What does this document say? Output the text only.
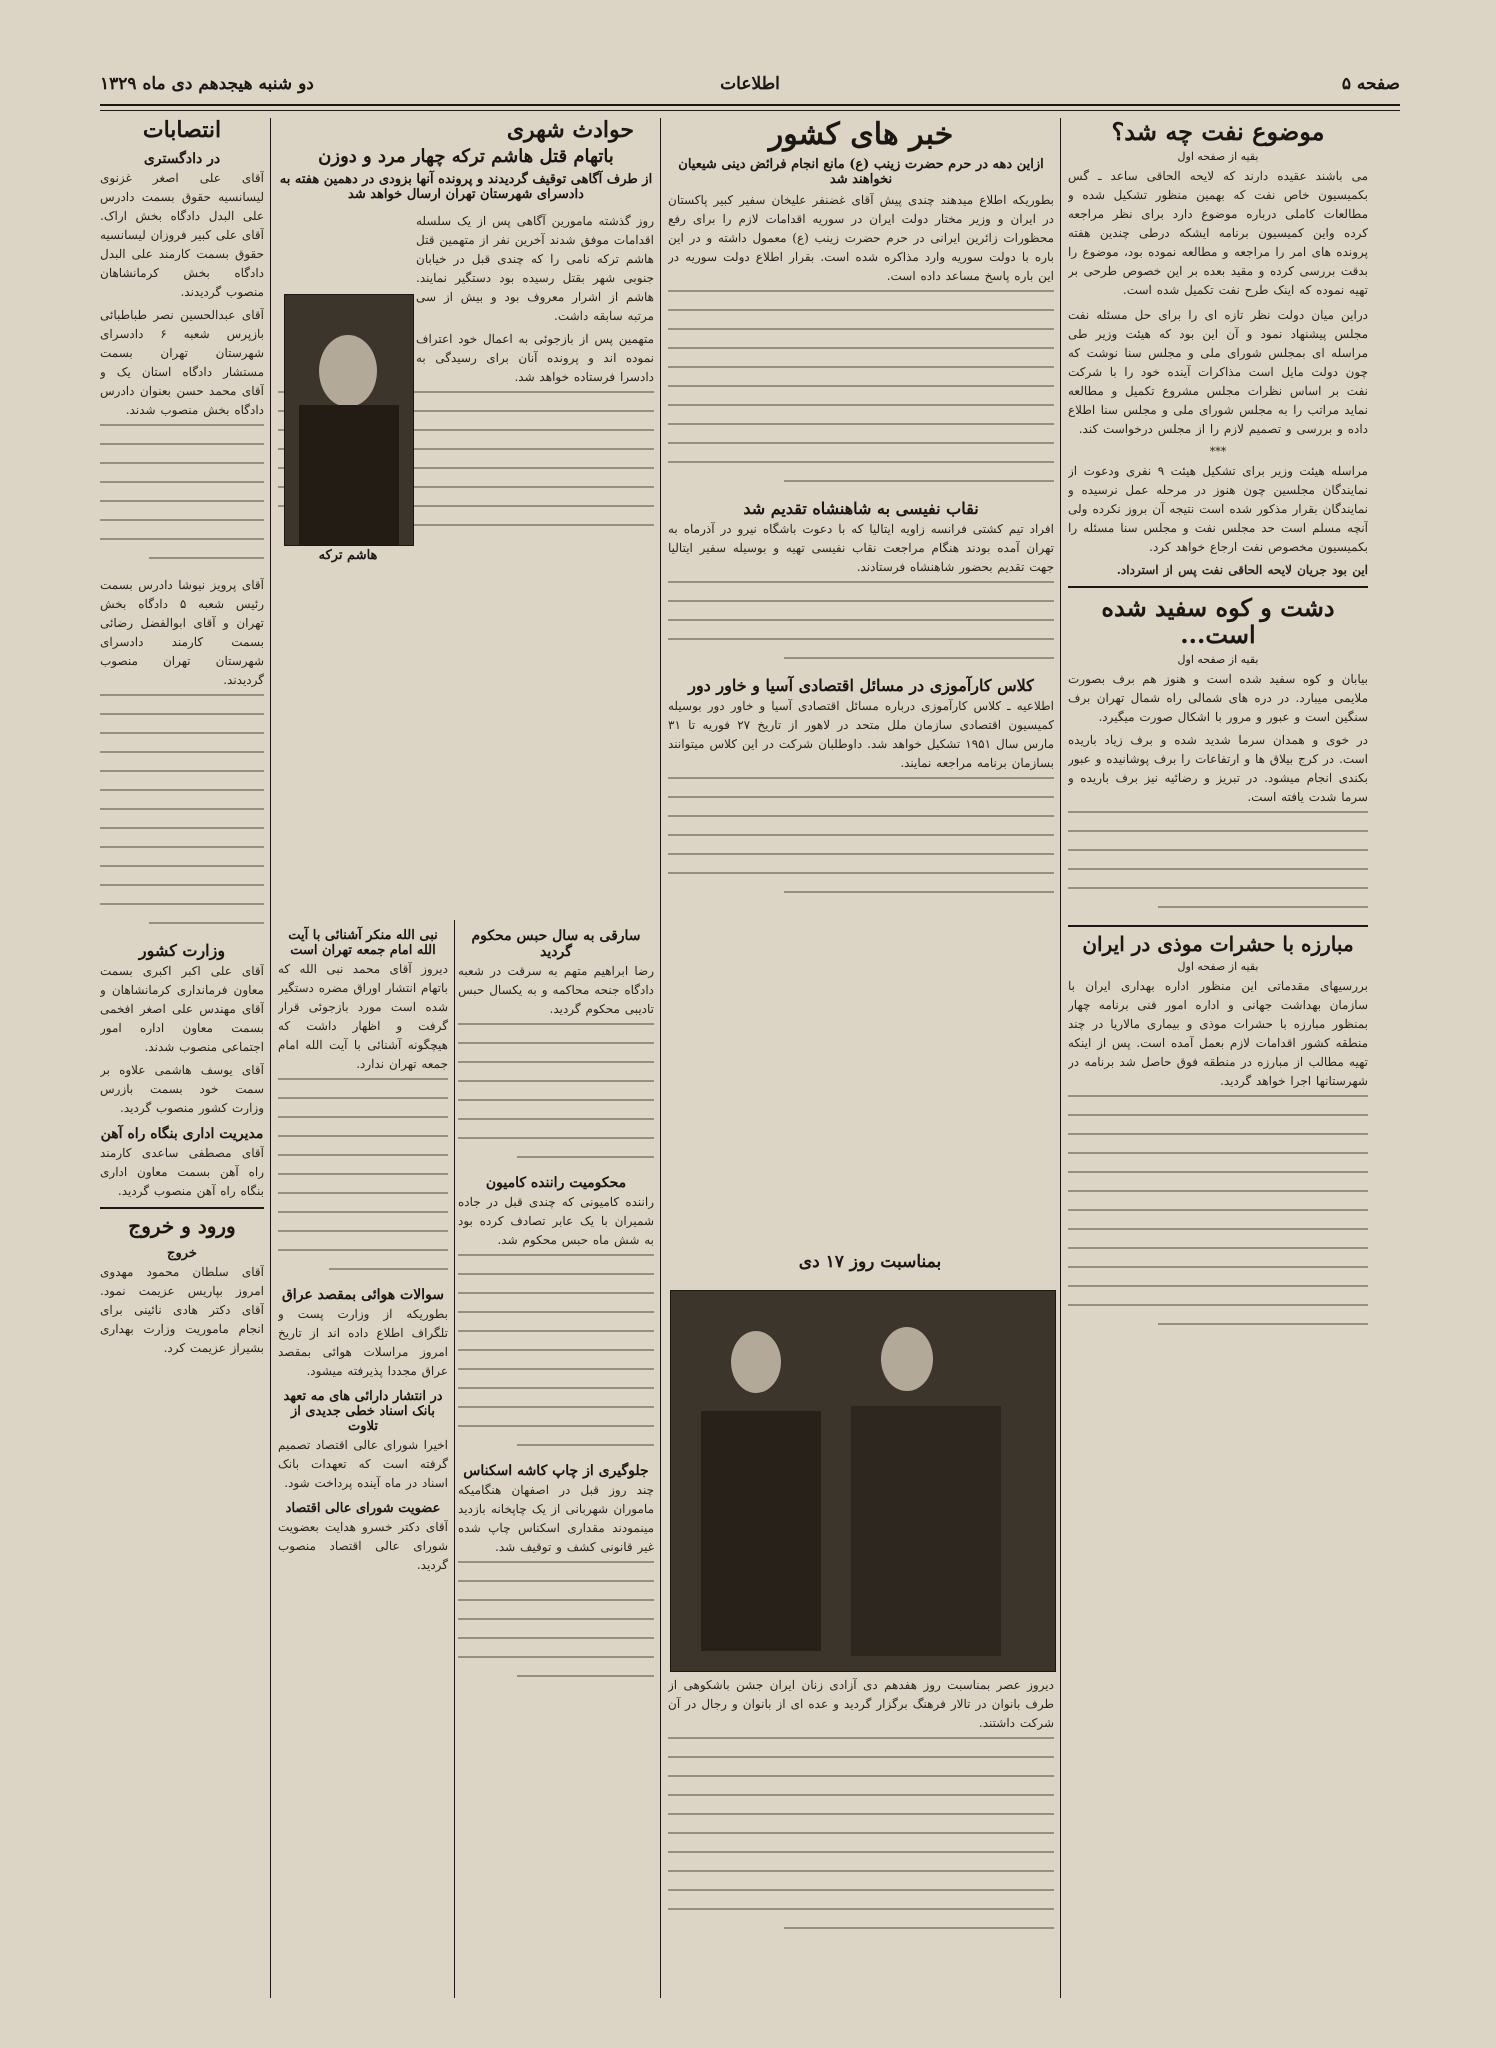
صفحه ۵
اطلاعات
دو شنبه هیجدهم دی ماه ۱۳۲۹
موضوع نفت چه شد؟
بقیه از صفحه اول

می باشند عقیده دارند که لایحه الحاقی ساعد ـ گس بکمیسیون خاص نفت که بهمین منظور تشکیل شده و مطالعات کاملی درباره موضوع دارد برای نظر مراجعه کرده واین کمیسیون برنامه ایشکه درطی چندین هفته پرونده های امر را مراجعه و مطالعه نموده بود، موضوع را بدقت بررسی کرده و مقید بعده بر این خصوص طرحی بر تهیه نموده که اینک طرح نفت تکمیل شده است.

دراین میان دولت نظر تازه ای را برای حل مسئله نفت مجلس پیشنهاد نمود و آن این بود که هیئت وزیر طی مراسله ای بمجلس شورای ملی و مجلس سنا نوشت که چون دولت مایل است مذاکرات آینده خود را با شرکت نفت بر اساس نظرات مجلس مشروع تکمیل و مطالعه نماید مراتب را به مجلس شورای ملی و مجلس سنا اطلاع داده و بررسی و تصمیم لازم را از مجلس درخواست کند.

***

مراسله هیئت وزیر برای تشکیل هیئت ۹ نفری ودعوت از نمایندگان مجلسین چون هنوز در مرحله عمل نرسیده و نمایندگان بقرار مذکور شده است نتیجه آن بروز نکرده ولی آنچه مسلم است حد مجلس نفت و مجلس سنا مسئله را بکمیسیون مخصوص نفت ارجاع خواهد کرد.

این بود جریان لایحه الحاقی نفت پس از استرداد.

دشت و کوه سفید شده است...
بقیه از صفحه اول

بیابان و کوه سفید شده است و هنوز هم برف بصورت ملایمی میبارد. در دره های شمالی راه شمال تهران برف سنگین است و عبور و مرور با اشکال صورت میگیرد.

در خوی و همدان سرما شدید شده و برف زیاد باریده است. در کرج بیلاق ها و ارتفاعات را برف پوشانیده و عبور بکندی انجام میشود. در تبریز و رضائیه نیز برف باریده و سرما شدت یافته است.

مبارزه با حشرات موذی در ایران
بقیه از صفحه اول

بررسیهای مقدماتی این منظور اداره بهداری ایران با سازمان بهداشت جهانی و اداره امور فنی برنامه چهار بمنظور مبارزه با حشرات موذی و بیماری مالاریا در چند منطقه کشور اقدامات لازم بعمل آمده است. پس از اینکه تهیه مطالب از مبارزه در منطقه فوق حاصل شد برنامه در شهرستانها اجرا خواهد گردید.

خبر های کشور
ازاین دهه در حرم حضرت زینب (ع) مانع انجام فرائض دینی شیعیان نخواهند شد

بطوریکه اطلاع میدهند چندی پیش آقای غضنفر علیخان سفیر کبیر پاکستان در ایران و وزیر مختار دولت ایران در سوریه اقدامات لازم را برای رفع محظورات زائرین ایرانی در حرم حضرت زینب (ع) معمول داشته و در این باره با دولت سوریه وارد مذاکره شده است. بقرار اطلاع دولت سوریه در این باره پاسخ مساعد داده است.

نقاب نفیسی به شاهنشاه تقدیم شد

افراد تیم کشتی فرانسه زاویه ایتالیا که با دعوت باشگاه نیرو در آذرماه به تهران آمده بودند هنگام مراجعت نقاب نفیسی تهیه و بوسیله سفیر ایتالیا جهت تقدیم بحضور شاهنشاه فرستادند.

کلاس کارآموزی در مسائل اقتصادی آسیا و خاور دور

اطلاعیه ـ کلاس کارآموزی درباره مسائل اقتصادی آسیا و خاور دور بوسیله کمیسیون اقتصادی سازمان ملل متحد در لاهور از تاریخ ۲۷ فوریه تا ۳۱ مارس سال ۱۹۵۱ تشکیل خواهد شد. داوطلبان شرکت در این کلاس میتوانند بسازمان برنامه مراجعه نمایند.

بمناسبت روز ۱۷ دی

دیروز عصر بمناسبت روز هفدهم دی آزادی زنان ایران جشن باشکوهی از طرف بانوان در تالار فرهنگ برگزار گردید و عده ای از بانوان و رجال در آن شرکت داشتند.

حوادث شهری
باتهام قتل هاشم ترکه چهار مرد و دوزن
از طرف آگاهی توقیف گردیدند و پرونده آنها بزودی در دهمین هفته به دادسرای شهرستان تهران ارسال خواهد شد

روز گذشته مامورین آگاهی پس از یک سلسله اقدامات موفق شدند آخرین نفر از متهمین قتل هاشم ترکه نامی را که چندی قبل در خیابان جنوبی شهر بقتل رسیده بود دستگیر نمایند. هاشم از اشرار معروف بود و بیش از سی مرتبه سابقه داشت.

متهمین پس از بازجوئی به اعمال خود اعتراف نموده اند و پرونده آنان برای رسیدگی به دادسرا فرستاده خواهد شد.

هاشم ترکه
سارقی به سال حبس محکوم گردید

رضا ابراهیم متهم به سرقت در شعبه دادگاه جنحه محاکمه و به یکسال حبس تادیبی محکوم گردید.

محکومیت راننده کامیون

راننده کامیونی که چندی قبل در جاده شمیران با یک عابر تصادف کرده بود به شش ماه حبس محکوم شد.

جلوگیری از چاپ کاشه اسکناس

چند روز قبل در اصفهان هنگامیکه ماموران شهربانی از یک چاپخانه بازدید مینمودند مقداری اسکناس چاپ شده غیر قانونی کشف و توقیف شد.

نبی الله منکر آشنائی با آیت الله امام جمعه تهران است

دیروز آقای محمد نبی الله که باتهام انتشار اوراق مضره دستگیر شده است مورد بازجوئی قرار گرفت و اظهار داشت که هیچگونه آشنائی با آیت الله امام جمعه تهران ندارد.

سوالات هوائی بمقصد عراق

بطوریکه از وزارت پست و تلگراف اطلاع داده اند از تاریخ امروز مراسلات هوائی بمقصد عراق مجددا پذیرفته میشود.

در انتشار دارائی های مه تعهد بانک اسناد خطی جدیدی از تلاوت

اخیرا شورای عالی اقتصاد تصمیم گرفته است که تعهدات بانک اسناد در ماه آینده پرداخت شود.

عضویت شورای عالی اقتصاد

آقای دکتر خسرو هدایت بعضویت شورای عالی اقتصاد منصوب گردید.

انتصابات
در دادگستری

آقای علی اصغر غزنوی لیسانسیه حقوق بسمت دادرس علی البدل دادگاه بخش اراک. آقای علی کبیر فروزان لیسانسیه حقوق بسمت کارمند علی البدل دادگاه بخش کرمانشاهان منصوب گردیدند.

آقای عبدالحسین نصر طباطبائی بازپرس شعبه ۶ دادسرای شهرستان تهران بسمت مستشار دادگاه استان یک و آقای محمد حسن بعنوان دادرس دادگاه بخش منصوب شدند.

آقای پرویز نیوشا دادرس بسمت رئیس شعبه ۵ دادگاه بخش تهران و آقای ابوالفضل رضائی بسمت کارمند دادسرای شهرستان تهران منصوب گردیدند.

وزارت کشور

آقای علی اکبر اکبری بسمت معاون فرمانداری کرمانشاهان و آقای مهندس علی اصغر افخمی بسمت معاون اداره امور اجتماعی منصوب شدند.

آقای یوسف هاشمی علاوه بر سمت خود بسمت بازرس وزارت کشور منصوب گردید.

مدیریت اداری بنگاه راه آهن

آقای مصطفی ساعدی کارمند راه آهن بسمت معاون اداری بنگاه راه آهن منصوب گردید.

ورود و خروج
خروج

آقای سلطان محمود مهدوی امروز بپاریس عزیمت نمود. آقای دکتر هادی نائینی برای انجام ماموریت وزارت بهداری بشیراز عزیمت کرد.
